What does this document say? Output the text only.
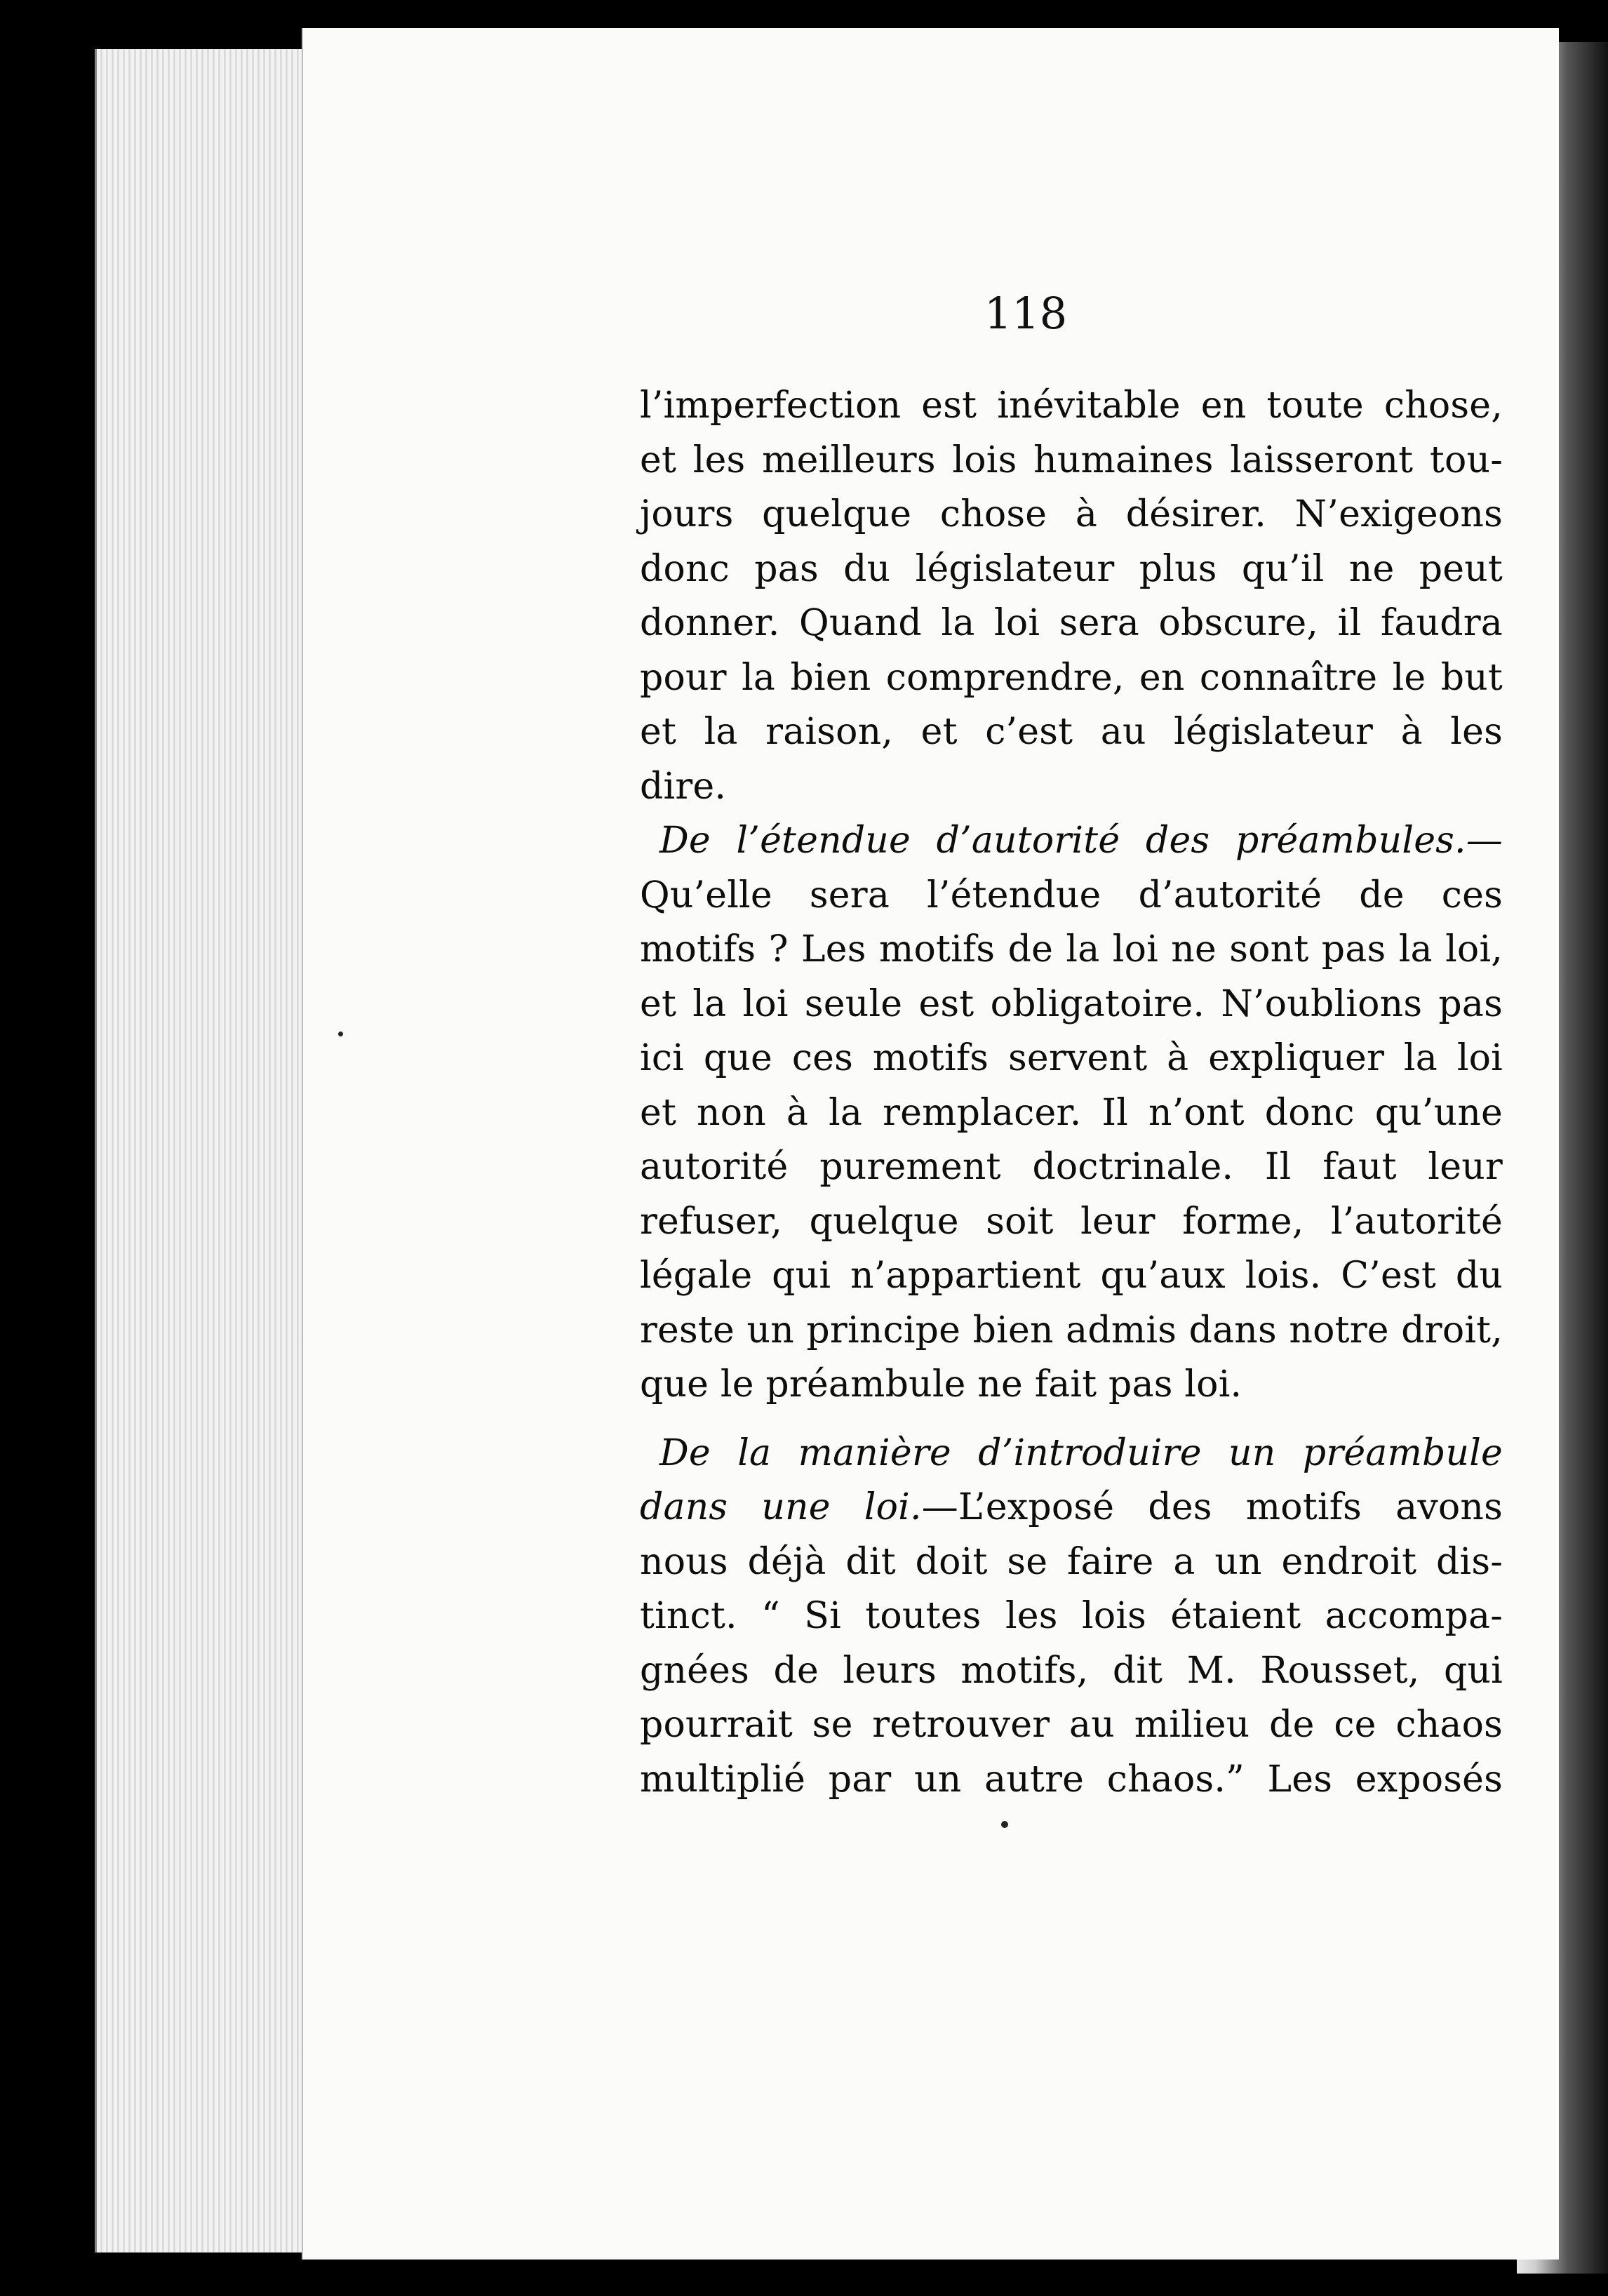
118
l’imperfection est inévitable en toute chose,
et les meilleurs lois humaines laisseront tou-
jours quelque chose à désirer. N’exigeons
donc pas du législateur plus qu’il ne peut
donner. Quand la loi sera obscure, il faudra
pour la bien comprendre, en connaître le but
et la raison, et c’est au législateur à les
dire.
De l’étendue d’autorité des préambules.—
Qu’elle sera l’étendue d’autorité de ces
motifs ? Les motifs de la loi ne sont pas la loi,
et la loi seule est obligatoire. N’oublions pas
ici que ces motifs servent à expliquer la loi
et non à la remplacer. Il n’ont donc qu’une
autorité purement doctrinale. Il faut leur
refuser, quelque soit leur forme, l’autorité
légale qui n’appartient qu’aux lois. C’est du
reste un principe bien admis dans notre droit,
que le préambule ne fait pas loi.
De la manière d’introduire un préambule
dans une loi.—L’exposé des motifs avons
nous déjà dit doit se faire a un endroit dis-
tinct. “ Si toutes les lois étaient accompa-
gnées de leurs motifs, dit M. Rousset, qui
pourrait se retrouver au milieu de ce chaos
multiplié par un autre chaos.” Les exposés
